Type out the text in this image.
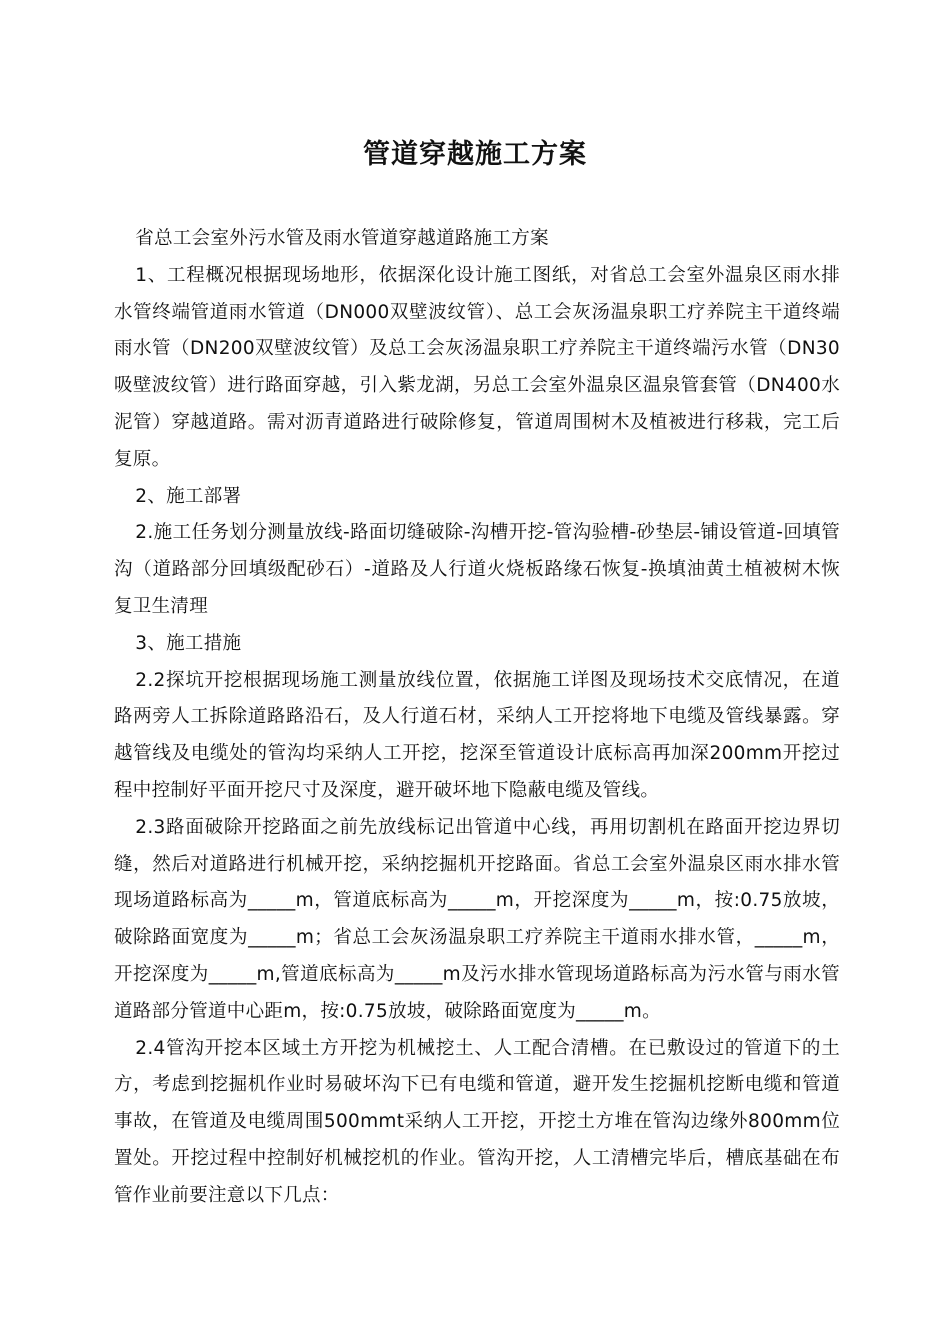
管道穿越施工方案

省总工会室外污水管及雨水管道穿越道路施工方案

1、工程概况根据现场地形，依据深化设计施工图纸，对省总工会室外温泉区雨水排水管终端管道雨水管道（DN000双壁波纹管）、总工会灰汤温泉职工疗养院主干道终端雨水管（DN200双壁波纹管）及总工会灰汤温泉职工疗养院主干道终端污水管（DN30吸壁波纹管）进行路面穿越，引入紫龙湖，另总工会室外温泉区温泉管套管（DN400水泥管）穿越道路。需对沥青道路进行破除修复，管道周围树木及植被进行移栽，完工后复原。

2、施工部署

2.施工任务划分测量放线-路面切缝破除-沟槽开挖-管沟验槽-砂垫层-铺设管道-回填管沟（道路部分回填级配砂石）-道路及人行道火烧板路缘石恢复-换填油黄土植被树木恢复卫生清理

3、施工措施

2.2探坑开挖根据现场施工测量放线位置，依据施工详图及现场技术交底情况，在道路两旁人工拆除道路路沿石，及人行道石材，采纳人工开挖将地下电缆及管线暴露。穿越管线及电缆处的管沟均采纳人工开挖，挖深至管道设计底标高再加深200mm开挖过程中控制好平面开挖尺寸及深度，避开破坏地下隐蔽电缆及管线。

2.3路面破除开挖路面之前先放线标记出管道中心线，再用切割机在路面开挖边界切缝，然后对道路进行机械开挖，采纳挖掘机开挖路面。省总工会室外温泉区雨水排水管现场道路标高为_____m，管道底标高为_____m，开挖深度为_____m，按:0.75放坡，破除路面宽度为_____m；省总工会灰汤温泉职工疗养院主干道雨水排水管，_____m，开挖深度为_____m,管道底标高为_____m及污水排水管现场道路标高为污水管与雨水管道路部分管道中心距m，按:0.75放坡，破除路面宽度为_____m。

2.4管沟开挖本区域土方开挖为机械挖土、人工配合清槽。在已敷设过的管道下的土方，考虑到挖掘机作业时易破坏沟下已有电缆和管道，避开发生挖掘机挖断电缆和管道事故，在管道及电缆周围500mmt采纳人工开挖，开挖土方堆在管沟边缘外800mm位置处。开挖过程中控制好机械挖机的作业。管沟开挖，人工清槽完毕后，槽底基础在布管作业前要注意以下几点：
